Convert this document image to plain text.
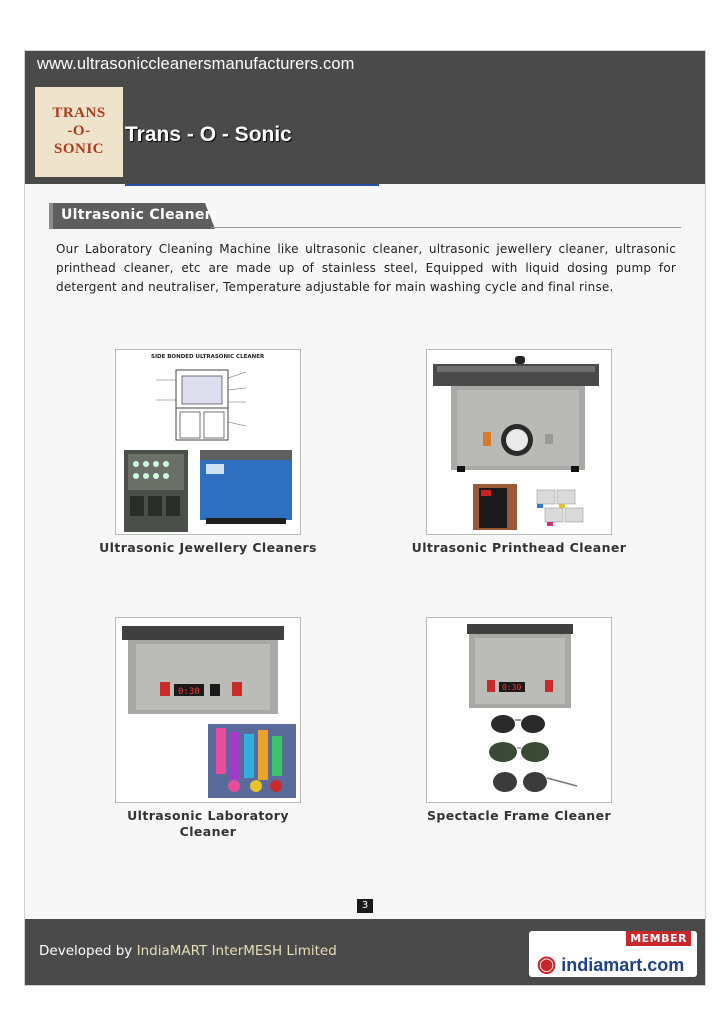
www.ultrasoniccleanersmanufacturers.com
TRANS
-O-
SONIC
Trans - O - Sonic
Ultrasonic Cleaner:
Our Laboratory Cleaning Machine like ultrasonic cleaner, ultrasonic jewellery cleaner, ultrasonic printhead cleaner, etc are made up of stainless steel, Equipped with liquid dosing pump for detergent and neutraliser, Temperature adjustable for main washing cycle and final rinse.
SIDE BONDED ULTRASONIC CLEANER
Ultrasonic Jewellery Cleaners	Ultrasonic Printhead Cleaner
0:30
Ultrasonic Laboratory Cleaner
0:30
Spectacle Frame Cleaner
3
Developed by IndiaMART InterMESH Limited
MEMBER
◉ indiamart.com
